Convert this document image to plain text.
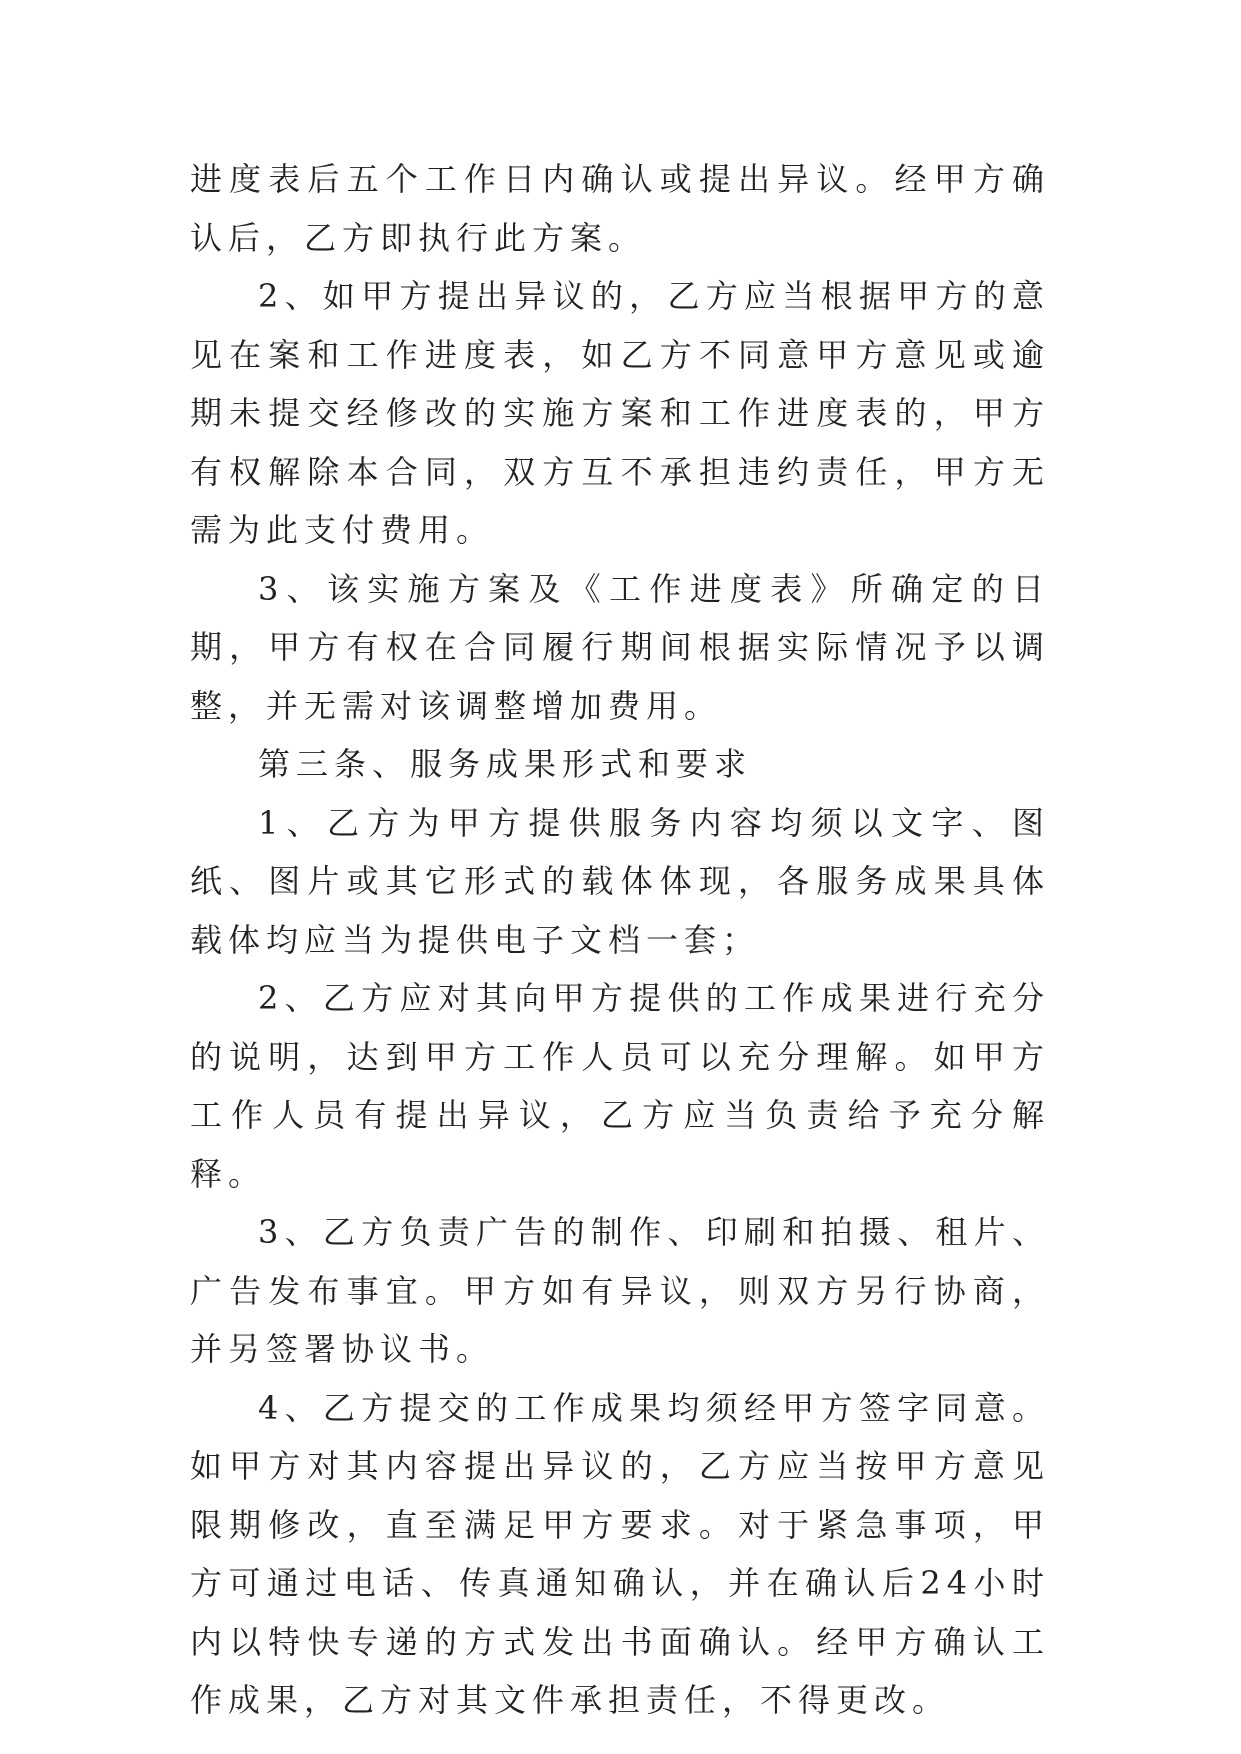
进度表后五个工作日内确认或提出异议。经甲方确认后，乙方即执行此方案。

2、如甲方提出异议的，乙方应当根据甲方的意见在案和工作进度表，如乙方不同意甲方意见或逾期未提交经修改的实施方案和工作进度表的，甲方有权解除本合同，双方互不承担违约责任，甲方无需为此支付费用。

3、该实施方案及《工作进度表》所确定的日期，甲方有权在合同履行期间根据实际情况予以调整，并无需对该调整增加费用。

第三条、服务成果形式和要求

1、乙方为甲方提供服务内容均须以文字、图纸、图片或其它形式的载体体现，各服务成果具体载体均应当为提供电子文档一套；

2、乙方应对其向甲方提供的工作成果进行充分的说明，达到甲方工作人员可以充分理解。如甲方工作人员有提出异议，乙方应当负责给予充分解释。

3、乙方负责广告的制作、印刷和拍摄、租片、广告发布事宜。甲方如有异议，则双方另行协商，并另签署协议书。

4、乙方提交的工作成果均须经甲方签字同意。如甲方对其内容提出异议的，乙方应当按甲方意见限期修改，直至满足甲方要求。对于紧急事项，甲方可通过电话、传真通知确认，并在确认后24小时内以特快专递的方式发出书面确认。经甲方确认工作成果，乙方对其文件承担责任，不得更改。
